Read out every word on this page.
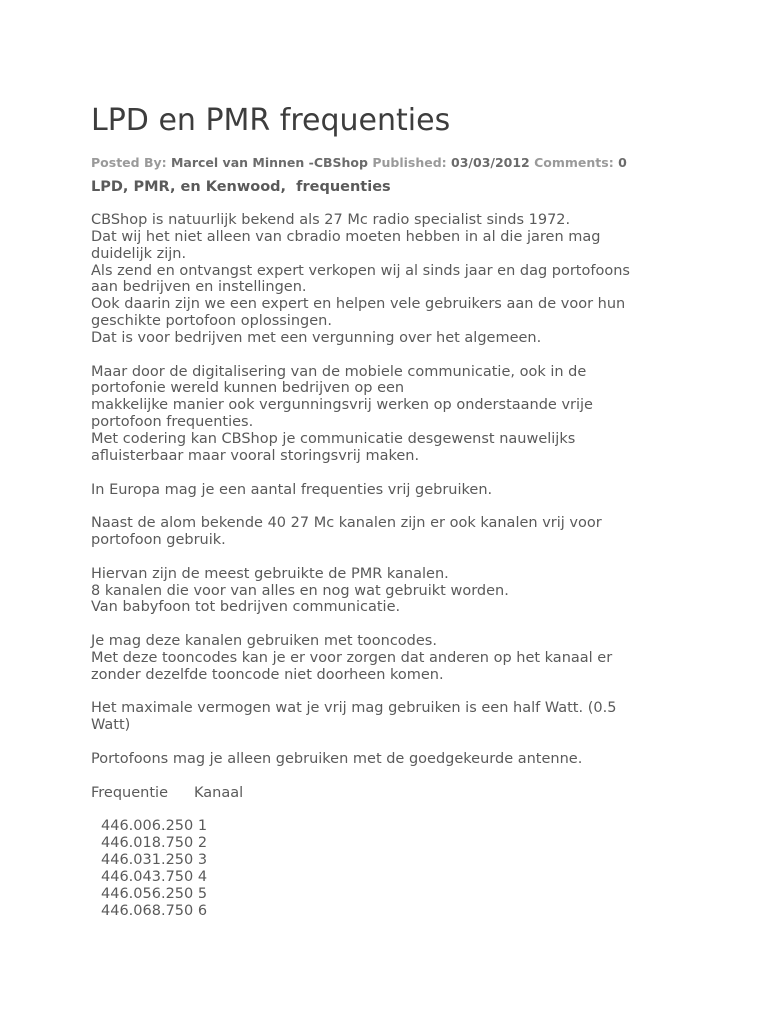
LPD en PMR frequenties
Posted By: Marcel van Minnen -CBShop Published: 03/03/2012 Comments: 0
LPD, PMR, en Kenwood,  frequenties
CBShop is natuurlijk bekend als 27 Mc radio specialist sinds 1972.
Dat wij het niet alleen van cbradio moeten hebben in al die jaren mag
duidelijk zijn.
Als zend en ontvangst expert verkopen wij al sinds jaar en dag portofoons
aan bedrijven en instellingen.
Ook daarin zijn we een expert en helpen vele gebruikers aan de voor hun
geschikte portofoon oplossingen.
Dat is voor bedrijven met een vergunning over het algemeen.
Maar door de digitalisering van de mobiele communicatie, ook in de
portofonie wereld kunnen bedrijven op een
makkelijke manier ook vergunningsvrij werken op onderstaande vrije
portofoon frequenties.
Met codering kan CBShop je communicatie desgewenst nauwelijks
afluisterbaar maar vooral storingsvrij maken.
In Europa mag je een aantal frequenties vrij gebruiken.
Naast de alom bekende 40 27 Mc kanalen zijn er ook kanalen vrij voor
portofoon gebruik.
Hiervan zijn de meest gebruikte de PMR kanalen.
8 kanalen die voor van alles en nog wat gebruikt worden.
Van babyfoon tot bedrijven communicatie.
Je mag deze kanalen gebruiken met tooncodes.
Met deze tooncodes kan je er voor zorgen dat anderen op het kanaal er
zonder dezelfde tooncode niet doorheen komen.
Het maximale vermogen wat je vrij mag gebruiken is een half Watt. (0.5
Watt)
Portofoons mag je alleen gebruiken met de goedgekeurde antenne.
Frequentie Kanaal
446.006.250 1
446.018.750 2
446.031.250 3
446.043.750 4
446.056.250 5
446.068.750 6
